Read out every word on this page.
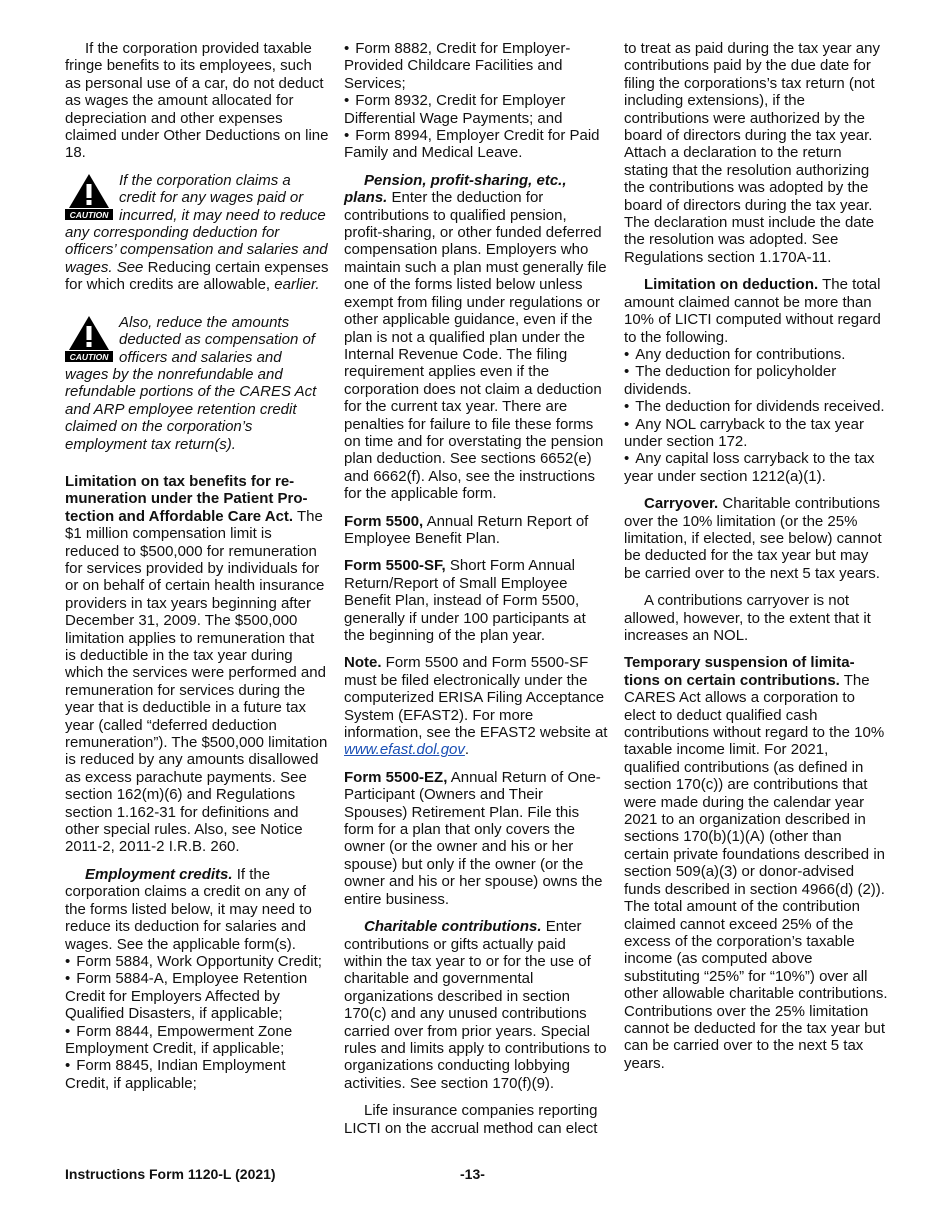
If the corporation provided taxable fringe benefits to its employees, such as personal use of a car, do not deduct as wages the amount allocated for depreciation and other expenses claimed under Other Deductions on line 18.

CAUTION
If the corporation claims a credit for any wages paid or incurred, it may need to reduce any corresponding deduction for officers’ compensation and salaries and wages. See Reducing certain expenses for which credits are allowable, earlier.
CAUTION
Also, reduce the amounts deducted as compensation of officers and salaries and wages by the nonrefundable and refundable portions of the CARES Act and ARP employee retention credit claimed on the corporation’s employment tax return(s).

Limitation on tax benefits for re-muneration under the Patient Pro-tection and Affordable Care Act. The $1 million compensation limit is reduced to $500,000 for remuneration for services provided by individuals for or on behalf of certain health insurance providers in tax years beginning after December 31, 2009. The $500,000 limitation applies to remuneration that is deductible in the tax year during which the services were performed and remuneration for services during the year that is deductible in a future tax year (called “deferred deduction remuneration”). The $500,000 limitation is reduced by any amounts disallowed as excess parachute payments. See section 162(m)(6) and Regulations section 1.162-31 for definitions and other special rules. Also, see Notice 2011-2, 2011-2 I.R.B. 260.

Employment credits. If the corporation claims a credit on any of the forms listed below, it may need to reduce its deduction for salaries and wages. See the applicable form(s).

• Form 5884, Work Opportunity Credit;

• Form 5884-A, Employee Retention Credit for Employers Affected by Qualified Disasters, if applicable;

• Form 8844, Empowerment Zone Employment Credit, if applicable;

• Form 8845, Indian Employment Credit, if applicable;

• Form 8882, Credit for Employer-Provided Childcare Facilities and Services;

• Form 8932, Credit for Employer Differential Wage Payments; and

• Form 8994, Employer Credit for Paid Family and Medical Leave.

Pension, profit-sharing, etc., plans. Enter the deduction for contributions to qualified pension, profit-sharing, or other funded deferred compensation plans. Employers who maintain such a plan must generally file one of the forms listed below unless exempt from filing under regulations or other applicable guidance, even if the plan is not a qualified plan under the Internal Revenue Code. The filing requirement applies even if the corporation does not claim a deduction for the current tax year. There are penalties for failure to file these forms on time and for overstating the pension plan deduction. See sections 6652(e) and 6662(f). Also, see the instructions for the applicable form.

Form 5500, Annual Return Report of Employee Benefit Plan.

Form 5500-SF, Short Form Annual Return/Report of Small Employee Benefit Plan, instead of Form 5500, generally if under 100 participants at the beginning of the plan year.

Note. Form 5500 and Form 5500-SF must be filed electronically under the computerized ERISA Filing Acceptance System (EFAST2). For more information, see the EFAST2 website at www.efast.dol.gov.

Form 5500-EZ, Annual Return of One-Participant (Owners and Their Spouses) Retirement Plan. File this form for a plan that only covers the owner (or the owner and his or her spouse) but only if the owner (or the owner and his or her spouse) owns the entire business.

Charitable contributions. Enter contributions or gifts actually paid within the tax year to or for the use of charitable and governmental organizations described in section 170(c) and any unused contributions carried over from prior years. Special rules and limits apply to contributions to organizations conducting lobbying activities. See section 170(f)(9).

Life insurance companies reporting LICTI on the accrual method can elect

to treat as paid during the tax year any contributions paid by the due date for filing the corporations’s tax return (not including extensions), if the contributions were authorized by the board of directors during the tax year. Attach a declaration to the return stating that the resolution authorizing the contributions was adopted by the board of directors during the tax year. The declaration must include the date the resolution was adopted. See Regulations section 1.170A-11.

Limitation on deduction. The total amount claimed cannot be more than 10% of LICTI computed without regard to the following.

• Any deduction for contributions.

• The deduction for policyholder dividends.

• The deduction for dividends received.

• Any NOL carryback to the tax year under section 172.

• Any capital loss carryback to the tax year under section 1212(a)(1).

Carryover. Charitable contributions over the 10% limitation (or the 25% limitation, if elected, see below) cannot be deducted for the tax year but may be carried over to the next 5 tax years.

A contributions carryover is not allowed, however, to the extent that it increases an NOL.

Temporary suspension of limita-tions on certain contributions. The CARES Act allows a corporation to elect to deduct qualified cash contributions without regard to the 10% taxable income limit. For 2021, qualified contributions (as defined in section 170(c)) are contributions that were made during the calendar year 2021 to an organization described in sections 170(b)(1)(A) (other than certain private foundations described in section 509(a)(3) or donor-advised funds described in section 4966(d) (2)). The total amount of the contribution claimed cannot exceed 25% of the excess of the corporation’s taxable income (as computed above substituting “25%” for “10%”) over all other allowable charitable contributions. Contributions over the 25% limitation cannot be deducted for the tax year but can be carried over to the next 5 tax years.

Instructions Form 1120-L (2021)	-13-
